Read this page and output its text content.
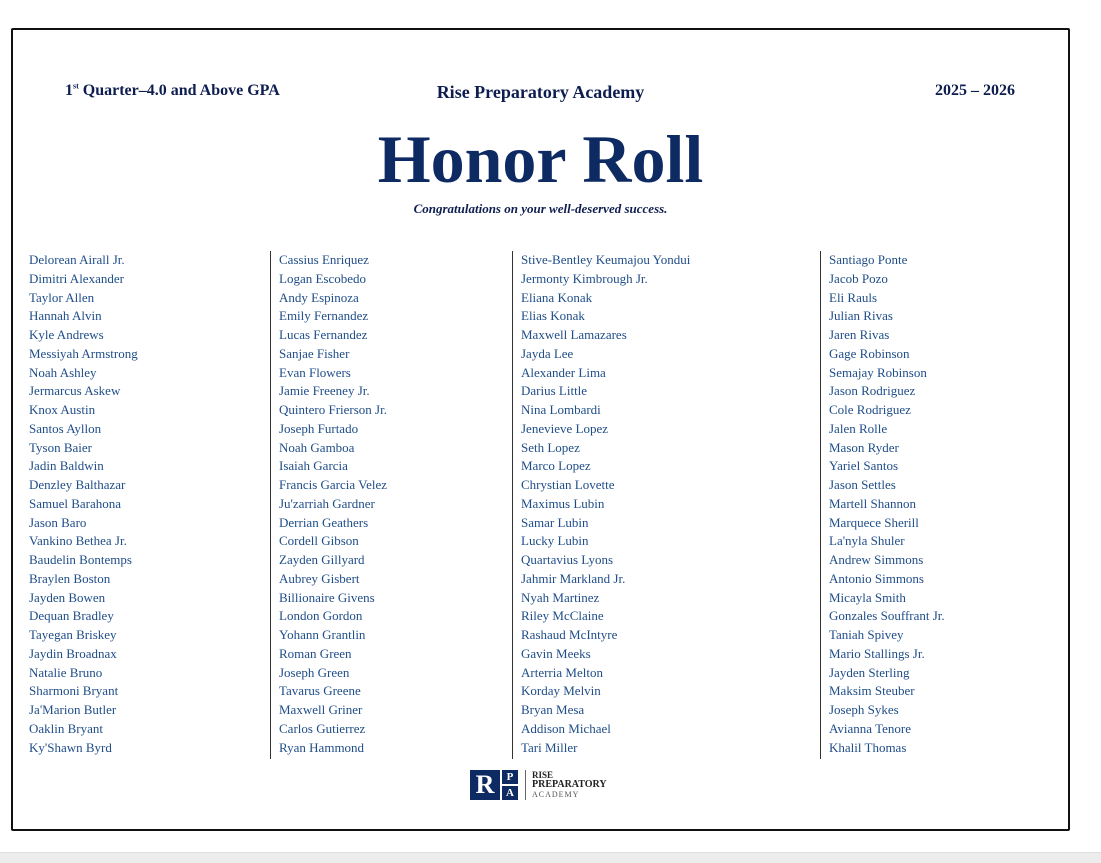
1st Quarter–4.0 and Above GPA	Rise Preparatory Academy	2025 – 2026
Honor Roll
Congratulations on your well-deserved success.
Delorean Airall Jr.
Dimitri Alexander
Taylor Allen
Hannah Alvin
Kyle Andrews
Messiyah Armstrong
Noah Ashley
Jermarcus Askew
Knox Austin
Santos Ayllon
Tyson Baier
Jadin Baldwin
Denzley Balthazar
Samuel Barahona
Jason Baro
Vankino Bethea Jr.
Baudelin Bontemps
Braylen Boston
Jayden Bowen
Dequan Bradley
Tayegan Briskey
Jaydin Broadnax
Natalie Bruno
Sharmoni Bryant
Ja'Marion Butler
Oaklin Bryant
Ky'Shawn Byrd
Cassius Enriquez
Logan Escobedo
Andy Espinoza
Emily Fernandez
Lucas Fernandez
Sanjae Fisher
Evan Flowers
Jamie Freeney Jr.
Quintero Frierson Jr.
Joseph Furtado
Noah Gamboa
Isaiah Garcia
Francis Garcia Velez
Ju'zarriah Gardner
Derrian Geathers
Cordell Gibson
Zayden Gillyard
Aubrey Gisbert
Billionaire Givens
London Gordon
Yohann Grantlin
Roman Green
Joseph Green
Tavarus Greene
Maxwell Griner
Carlos Gutierrez
Ryan Hammond
Stive-Bentley Keumajou Yondui
Jermonty Kimbrough Jr.
Eliana Konak
Elias Konak
Maxwell Lamazares
Jayda Lee
Alexander Lima
Darius Little
Nina Lombardi
Jenevieve Lopez
Seth Lopez
Marco Lopez
Chrystian Lovette
Maximus Lubin
Samar Lubin
Lucky Lubin
Quartavius Lyons
Jahmir Markland Jr.
Nyah Martinez
Riley McClaine
Rashaud McIntyre
Gavin Meeks
Arterria Melton
Korday Melvin
Bryan Mesa
Addison Michael
Tari Miller
Santiago Ponte
Jacob Pozo
Eli Rauls
Julian Rivas
Jaren Rivas
Gage Robinson
Semajay Robinson
Jason Rodriguez
Cole Rodriguez
Jalen Rolle
Mason Ryder
Yariel Santos
Jason Settles
Martell Shannon
Marquece Sherill
La'nyla Shuler
Andrew Simmons
Antonio Simmons
Micayla Smith
Gonzales Souffrant Jr.
Taniah Spivey
Mario Stallings Jr.
Jayden Sterling
Maksim Steuber
Joseph Sykes
Avianna Tenore
Khalil Thomas
R	P
A
RISE
PREPARATORY
ACADEMY
